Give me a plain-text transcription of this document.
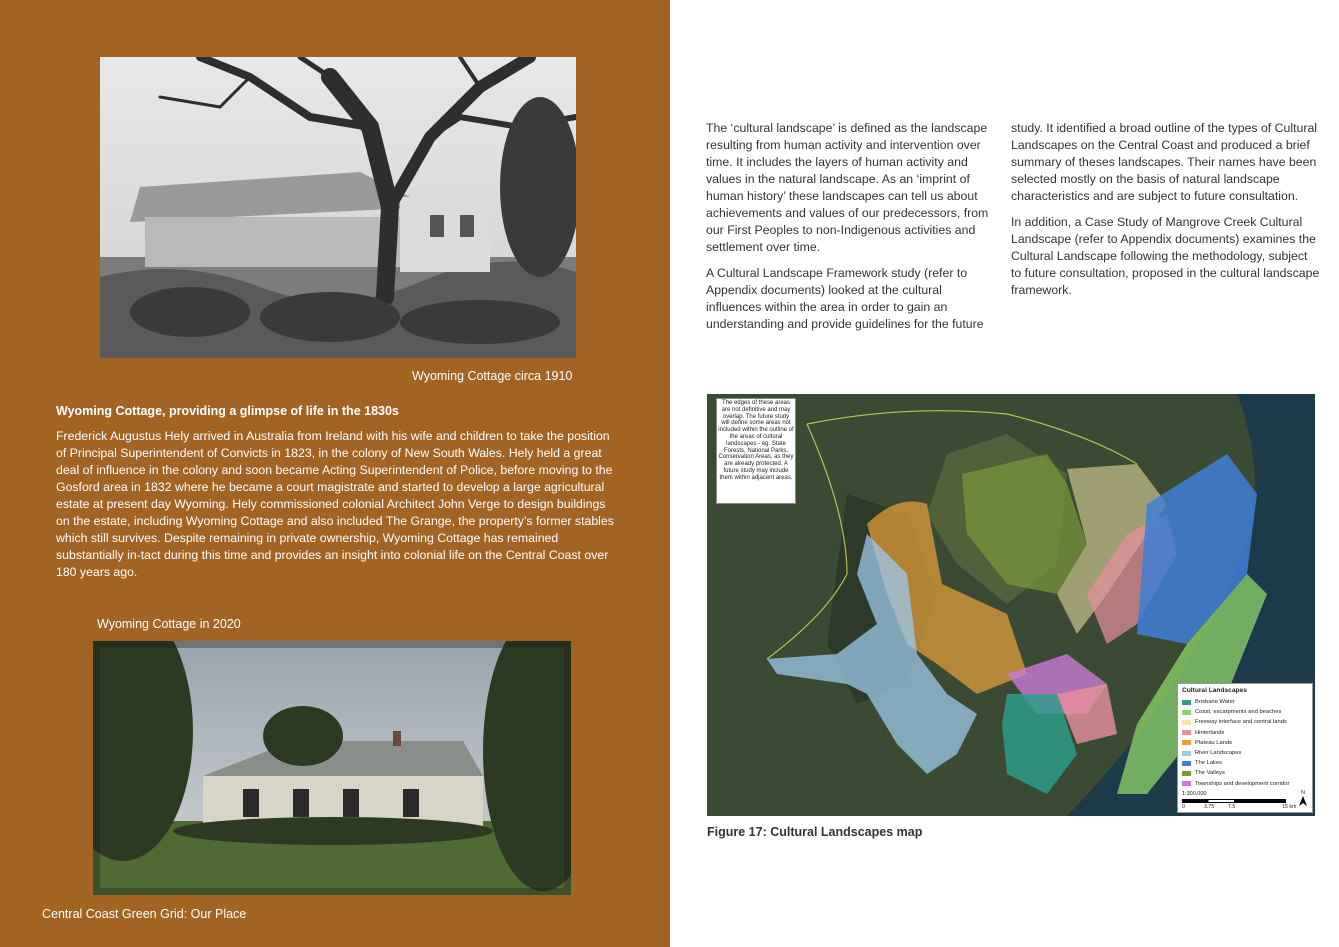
Wyoming Cottage circa 1910
Wyoming Cottage, providing a glimpse of life in the 1830s
Frederick Augustus Hely arrived in Australia from Ireland with his wife and children to take the position of Principal Superintendent of Convicts in 1823, in the colony of New South Wales. Hely held a great deal of influence in the colony and soon became Acting Superintendent of Police, before moving to the Gosford area in 1832 where he became a court magistrate and started to develop a large agricultural estate at present day Wyoming. Hely commissioned colonial Architect John Verge to design buildings on the estate, including Wyoming Cottage and also included The Grange, the property’s former stables which still survives. Despite remaining in private ownership, Wyoming Cottage has remained substantially in-tact during this time and provides an insight into colonial life on the Central Coast over 180 years ago.
Wyoming Cottage in 2020
Central Coast Green Grid: Our Place

The ‘cultural landscape’ is defined as the landscape resulting from human activity and intervention over time. It includes the layers of human activity and values in the natural landscape. As an ‘imprint of human history’ these landscapes can tell us about achievements and values of our predecessors, from our First Peoples to non-Indigenous activities and settlement over time.

A Cultural Landscape Framework study (refer to Appendix documents) looked at the cultural influences within the area in order to gain an understanding and provide guidelines for the future

study. It identified a broad outline of the types of Cultural Landscapes on the Central Coast and produced a brief summary of theses landscapes. Their names have been selected mostly on the basis of natural landscape characteristics and are subject to future consultation.

In addition, a Case Study of Mangrove Creek Cultural Landscape (refer to Appendix documents) examines the Cultural Landscape following the methodology, subject to future consultation, proposed in the cultural landscape framework.

The edges of these areas are not definitive and may overlap. The future study will define some areas not included within the outline of the areas of cultural landscapes - eg. State Forests, National Parks, Conservation Areas, as they are already protected. A future study may include them within adjacent areas.
Cultural Landscapes
Brisbane Water
Coast, escarpments and beaches
Freeway interface and central lands
Hinterlands
Plateau Lands
River Landscapes
The Lakes
The Valleys
Townships and development corridor
1:300,000
0	3.75	7.5	15 km
N
Figure 17: Cultural Landscapes map
